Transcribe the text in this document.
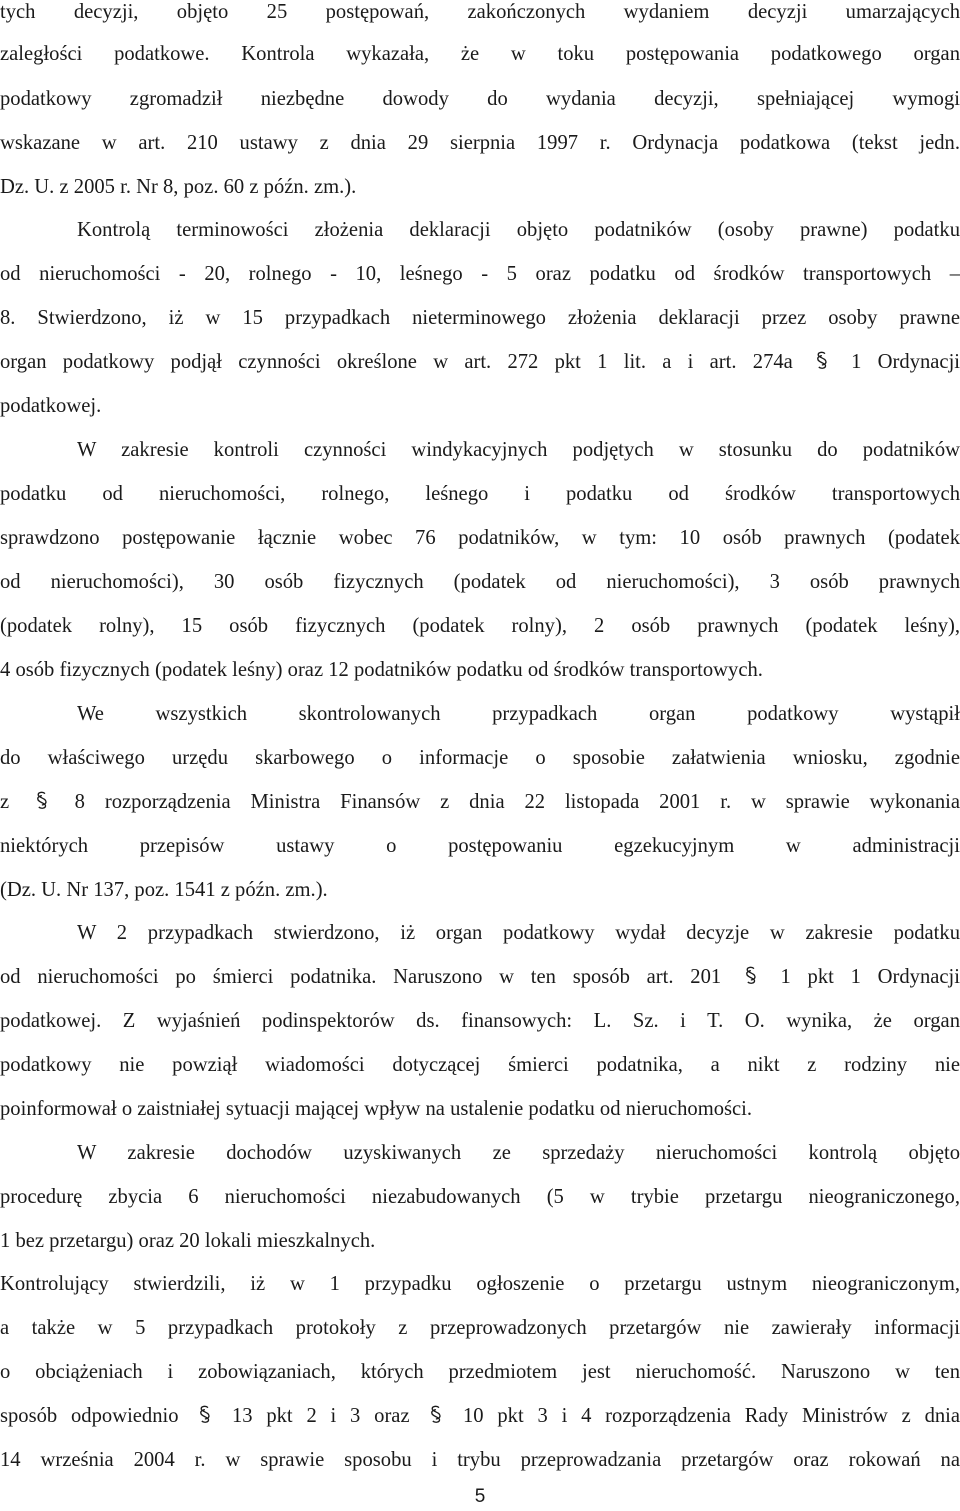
tych decyzji, objęto 25 postępowań, zakończonych wydaniem decyzji umarzających
zaległości podatkowe. Kontrola wykazała, że w toku postępowania podatkowego organ
podatkowy zgromadził niezbędne dowody do wydania decyzji, spełniającej wymogi
wskazane w art. 210 ustawy z dnia 29 sierpnia 1997 r. Ordynacja podatkowa (tekst jedn.
Dz. U. z 2005 r. Nr 8, poz. 60 z późn. zm.).
Kontrolą terminowości złożenia deklaracji objęto podatników (osoby prawne) podatku
od nieruchomości - 20, rolnego - 10, leśnego - 5 oraz podatku od środków transportowych –
8. Stwierdzono, iż w 15 przypadkach nieterminowego złożenia deklaracji przez osoby prawne
organ podatkowy podjął czynności określone w art. 272 pkt 1 lit. a i art. 274a	1 Ordynacji
podatkowej.
W zakresie kontroli czynności windykacyjnych podjętych w stosunku do podatników
podatku od nieruchomości, rolnego, leśnego i podatku od środków transportowych
sprawdzono postępowanie łącznie wobec 76 podatników, w tym: 10 osób prawnych (podatek
od nieruchomości), 30 osób fizycznych (podatek od nieruchomości), 3 osób prawnych
(podatek rolny), 15 osób fizycznych (podatek rolny), 2 osób prawnych (podatek leśny),
4 osób fizycznych (podatek leśny) oraz 12 podatników podatku od środków transportowych.
We wszystkich skontrolowanych przypadkach organ podatkowy wystąpił
do właściwego urzędu skarbowego o informacje o sposobie załatwienia wniosku, zgodnie
z	8 rozporządzenia Ministra Finansów z dnia 22 listopada 2001 r. w sprawie wykonania
niektórych przepisów ustawy o postępowaniu egzekucyjnym w administracji
(Dz. U. Nr 137, poz. 1541 z późn. zm.).
W 2 przypadkach stwierdzono, iż organ podatkowy wydał decyzje w zakresie podatku
od nieruchomości po śmierci podatnika. Naruszono w ten sposób art. 201	1 pkt 1 Ordynacji
podatkowej. Z wyjaśnień podinspektorów ds. finansowych: L. Sz. i T. O. wynika, że organ
podatkowy nie powziął wiadomości dotyczącej śmierci podatnika, a nikt z rodziny nie
poinformował o zaistniałej sytuacji mającej wpływ na ustalenie podatku od nieruchomości.
W zakresie dochodów uzyskiwanych ze sprzedaży nieruchomości kontrolą objęto
procedurę zbycia 6 nieruchomości niezabudowanych (5 w trybie przetargu nieograniczonego,
1 bez przetargu) oraz 20 lokali mieszkalnych.
Kontrolujący stwierdzili, iż w 1 przypadku ogłoszenie o przetargu ustnym nieograniczonym,
a także w 5 przypadkach protokoły z przeprowadzonych przetargów nie zawierały informacji
o obciążeniach i zobowiązaniach, których przedmiotem jest nieruchomość. Naruszono w ten
sposób odpowiednio	13 pkt 2 i 3 oraz	10 pkt 3 i 4 rozporządzenia Rady Ministrów z dnia
14 września 2004 r. w sprawie sposobu i trybu przeprowadzania przetargów oraz rokowań na
5
